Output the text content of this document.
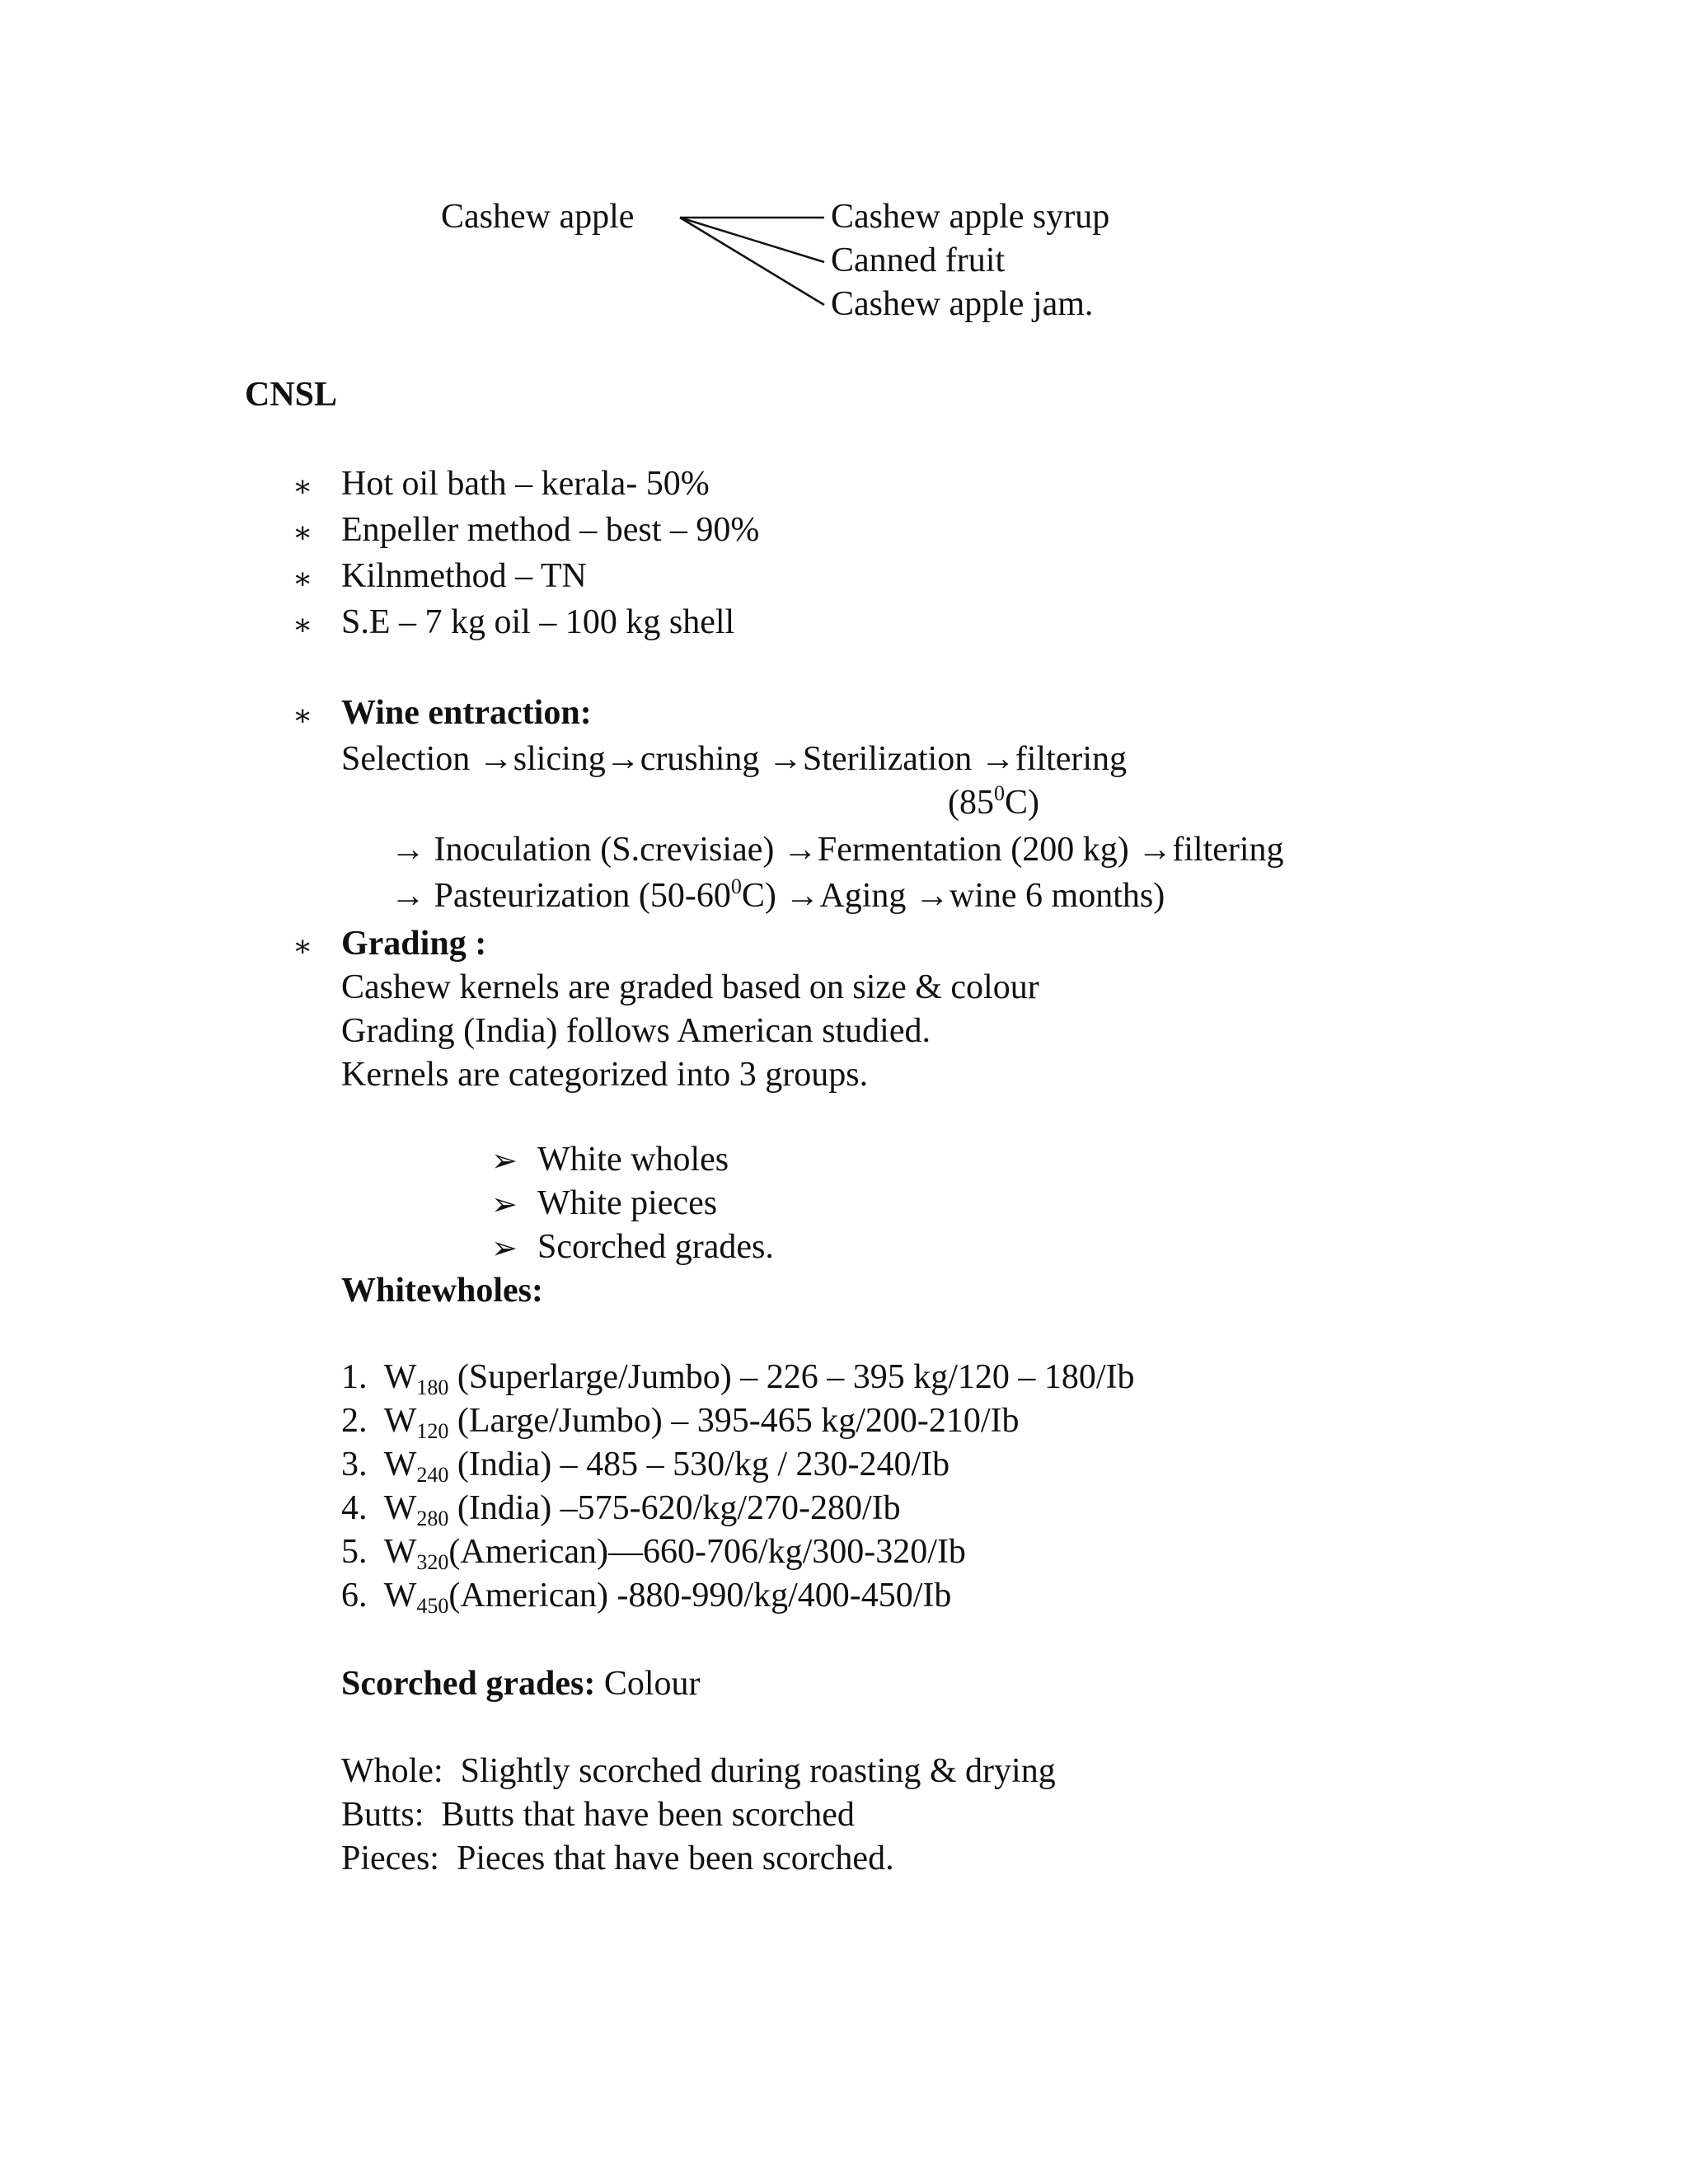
Cashew apple	Cashew apple syrup
Canned fruit
Cashew apple jam.
CNSL
∗ Hot oil bath – kerala- 50%
∗ Enpeller method – best – 90%
∗ Kilnmethod – TN
∗ S.E – 7 kg oil – 100 kg shell
∗ Wine entraction:
Selection →slicing→crushing →Sterilization →filtering
$(85^0C)$
→ Inoculation (S.crevisiae) →Fermentation (200 kg) →filtering
→ Pasteurization $(50-60^0C)$ →Aging →wine 6 months)
∗ Grading :
Cashew kernels are graded based on size & colour
Grading (India) follows American studied.
Kernels are categorized into 3 groups.
➢ White wholes
➢ White pieces
➢ Scorched grades.
Whitewholes:
1. $W_{180}$ (Superlarge/Jumbo) – 226 – 395 kg/120 – 180/Ib
2. $W_{120}$ (Large/Jumbo) – 395-465 kg/200-210/Ib
3. $W_{240}$ (India) – 485 – 530/kg / 230-240/Ib
4. $W_{280}$ (India) –575-620/kg/270-280/Ib
5. $W_{320}(American)—660-706/kg/300-320/Ib$
6. $W_{450}(American)$ -880-990/kg/400-450/Ib
Scorched grades: Colour
Whole:  Slightly scorched during roasting & drying
Butts:  Butts that have been scorched
Pieces:  Pieces that have been scorched.
